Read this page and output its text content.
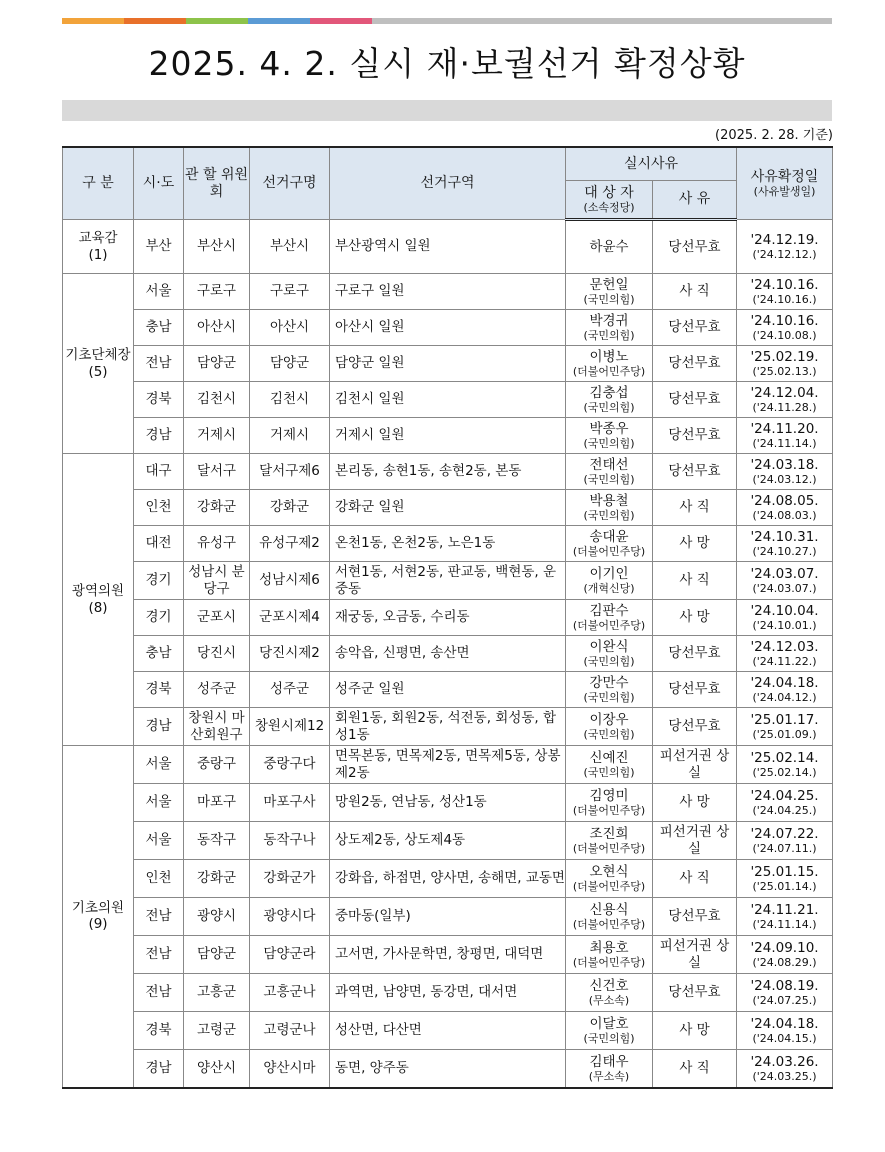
2025. 4. 2. 실시 재·보궐선거 확정상황
(2025. 2. 28. 기준)
구 분	시·도	관 할 위원회	선거구명	선거구역	실시사유		사유확정일
(사유발생일)

					대 상 자
(소속정당)	사 유	

교육감
(1)	부산	부산시	부산시	부산광역시 일원	하윤수	당선무효	'24.12.19.
('24.12.12.)

기초단체장
(5)	서울	구로구	구로구	구로구 일원	문헌일
(국민의힘)	사 직	'24.10.16.
('24.10.16.)

	충남	아산시	아산시	아산시 일원	박경귀
(국민의힘)	당선무효	'24.10.16.
('24.10.08.)

	전남	담양군	담양군	담양군 일원	이병노
(더불어민주당)	당선무효	'25.02.19.
('25.02.13.)

	경북	김천시	김천시	김천시 일원	김충섭
(국민의힘)	당선무효	'24.12.04.
('24.11.28.)

	경남	거제시	거제시	거제시 일원	박종우
(국민의힘)	당선무효	'24.11.20.
('24.11.14.)

광역의원
(8)	대구	달서구	달서구제6	본리동, 송현1동, 송현2동, 본동	전태선
(국민의힘)	당선무효	'24.03.18.
('24.03.12.)

	인천	강화군	강화군	강화군 일원	박용철
(국민의힘)	사 직	'24.08.05.
('24.08.03.)

	대전	유성구	유성구제2	온천1동, 온천2동, 노은1동	송대윤
(더불어민주당)	사 망	'24.10.31.
('24.10.27.)

	경기	성남시 분당구	성남시제6	서현1동, 서현2동, 판교동, 백현동, 운중동	이기인
(개혁신당)	사 직	'24.03.07.
('24.03.07.)

	경기	군포시	군포시제4	재궁동, 오금동, 수리동	김판수
(더불어민주당)	사 망	'24.10.04.
('24.10.01.)

	충남	당진시	당진시제2	송악읍, 신평면, 송산면	이완식
(국민의힘)	당선무효	'24.12.03.
('24.11.22.)

	경북	성주군	성주군	성주군 일원	강만수
(국민의힘)	당선무효	'24.04.18.
('24.04.12.)

	경남	창원시 마산회원구	창원시제12	회원1동, 회원2동, 석전동, 회성동, 합성1동	이장우
(국민의힘)	당선무효	'25.01.17.
('25.01.09.)

기초의원
(9)	서울	중랑구	중랑구다	면목본동, 면목제2동, 면목제5동, 상봉제2동	신예진
(국민의힘)	피선거권 상 실	'25.02.14.
('25.02.14.)

	서울	마포구	마포구사	망원2동, 연남동, 성산1동	김영미
(더불어민주당)	사 망	'24.04.25.
('24.04.25.)

	서울	동작구	동작구나	상도제2동, 상도제4동	조진희
(더불어민주당)	피선거권 상 실	'24.07.22.
('24.07.11.)

	인천	강화군	강화군가	강화읍, 하점면, 양사면, 송해면, 교동면	오현식
(더불어민주당)	사 직	'25.01.15.
('25.01.14.)

	전남	광양시	광양시다	중마동(일부)	신용식
(더불어민주당)	당선무효	'24.11.21.
('24.11.14.)

	전남	담양군	담양군라	고서면, 가사문학면, 창평면, 대덕면	최용호
(더불어민주당)	피선거권 상 실	'24.09.10.
('24.08.29.)

	전남	고흥군	고흥군나	과역면, 남양면, 동강면, 대서면	신건호
(무소속)	당선무효	'24.08.19.
('24.07.25.)

	경북	고령군	고령군나	성산면, 다산면	이달호
(국민의힘)	사 망	'24.04.18.
('24.04.15.)

	경남	양산시	양산시마	동면, 양주동	김태우
(무소속)	사 직	'24.03.26.
('24.03.25.)
